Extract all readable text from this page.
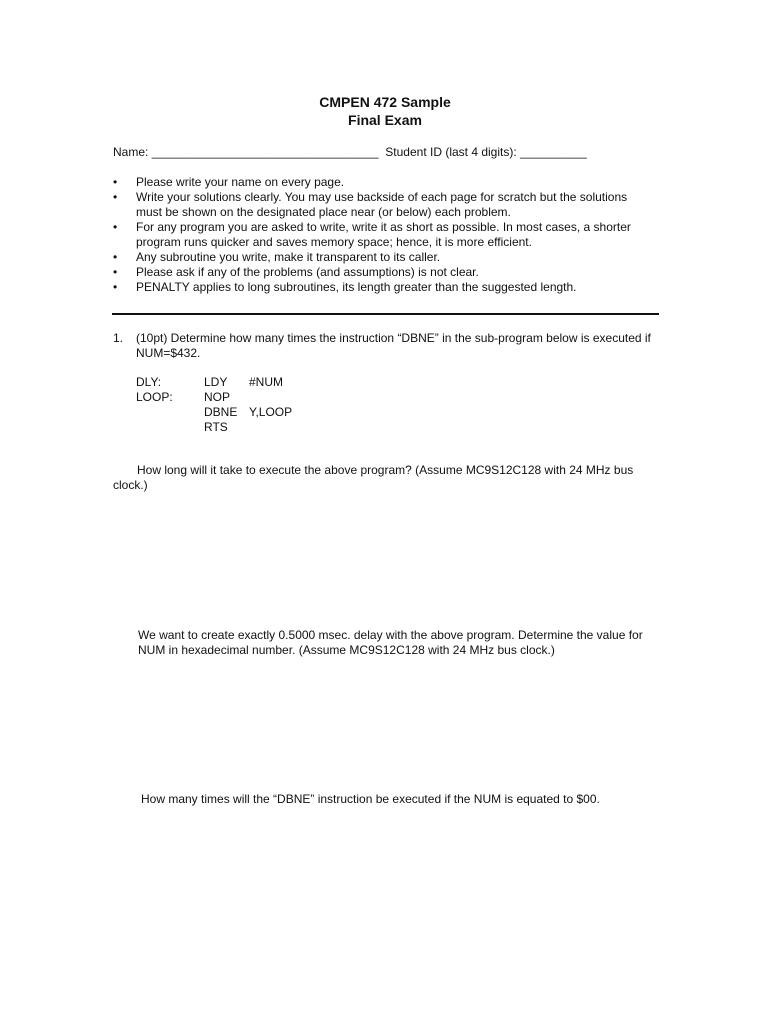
CMPEN 472 Sample
Final Exam
Name: __________________________________ Student ID (last 4 digits): __________
• Please write your name on every page.
• Write your solutions clearly. You may use backside of each page for scratch but the solutions must be shown on the designated place near (or below) each problem.
• For any program you are asked to write, write it as short as possible. In most cases, a shorter program runs quicker and saves memory space; hence, it is more efficient.
• Any subroutine you write, make it transparent to its caller.
• Please ask if any of the problems (and assumptions) is not clear.
• PENALTY applies to long subroutines, its length greater than the suggested length.
1. (10pt) Determine how many times the instruction “DBNE” in the sub-program below is executed if NUM=$432.
DLY:	LDY #NUM
LOOP:	NOP
DBNE Y,LOOP
RTS
How long will it take to execute the above program? (Assume MC9S12C128 with 24 MHz bus clock.)
We want to create exactly 0.5000 msec. delay with the above program. Determine the value for NUM in hexadecimal number. (Assume MC9S12C128 with 24 MHz bus clock.)
How many times will the “DBNE” instruction be executed if the NUM is equated to $00.
